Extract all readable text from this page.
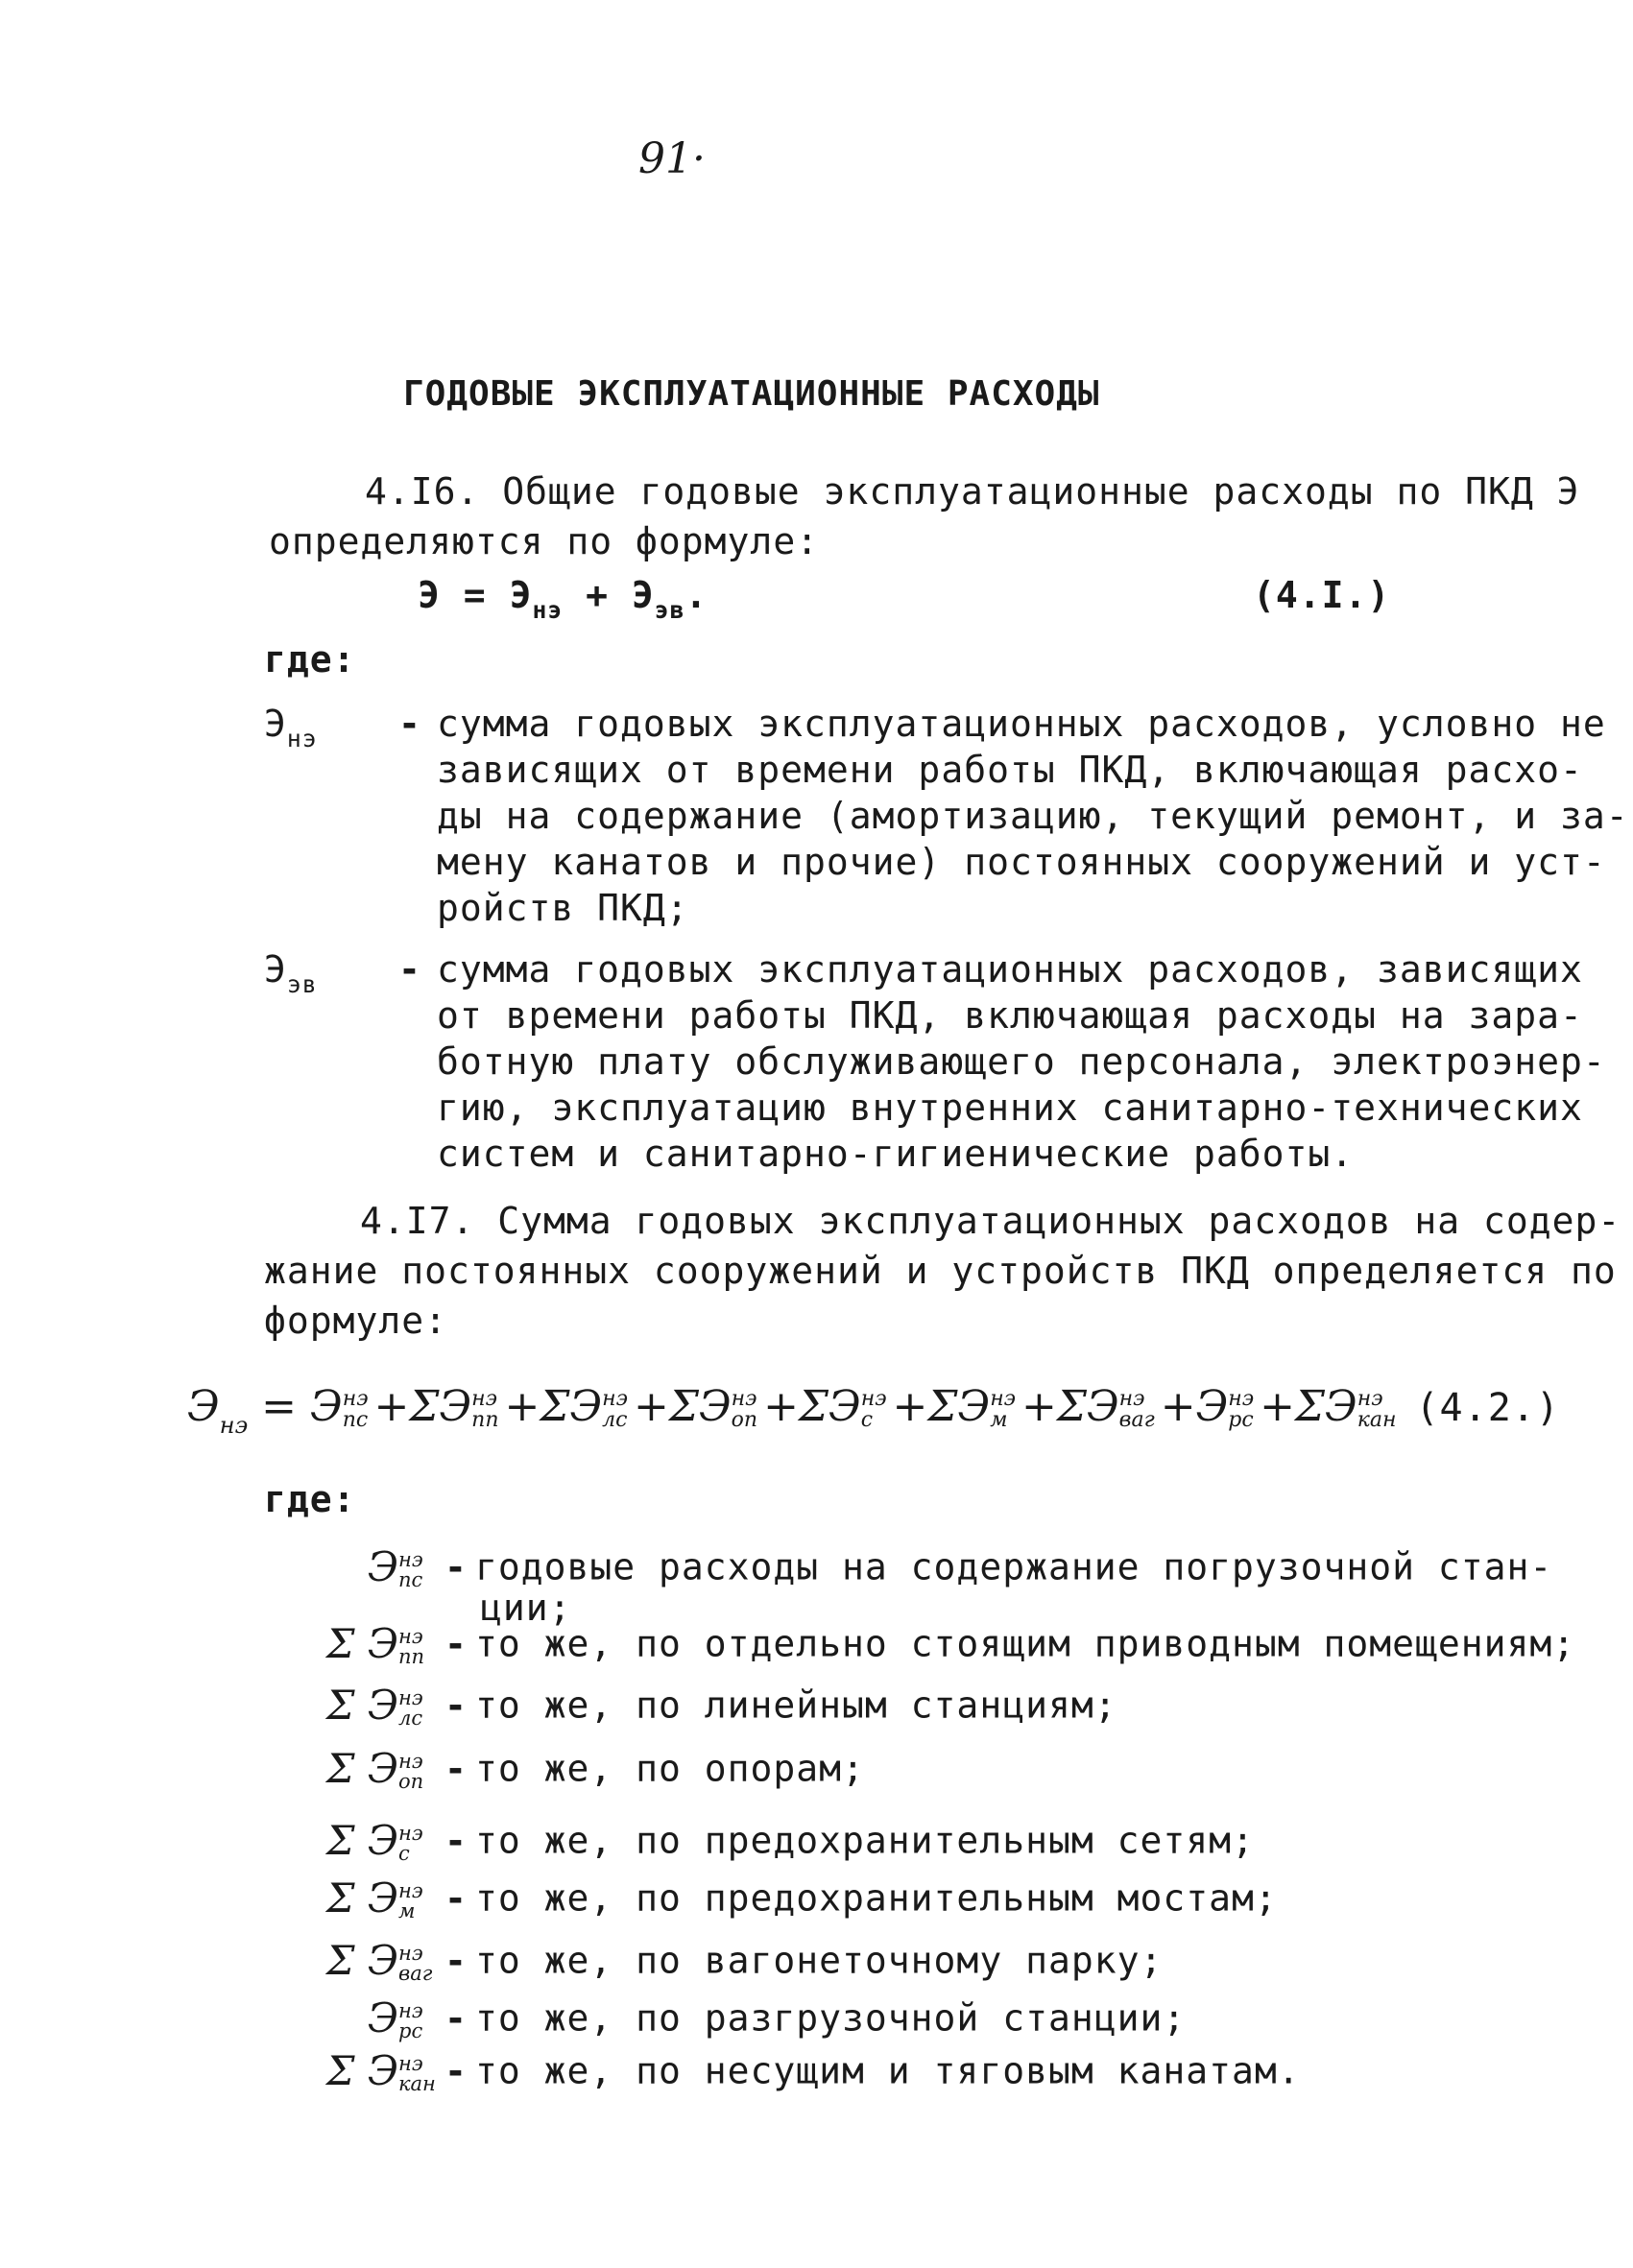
91·
ГОДОВЫЕ ЭКСПЛУАТАЦИОННЫЕ РАСХОДЫ
4.I6. Общие годовые эксплуатационные расходы по ПКД Э
определяются по формуле:
$Э = Э_{нэ} + Э_{эв}$.	(4.I.)
где:
$Э_{нэ}$ - сумма годовых эксплуатационных расходов, условно не
зависящих от времени работы ПКД, включающая расхо-
ды на содержание (амортизацию, текущий ремонт, и за-
мену канатов и прочие) постоянных сооружений и уст-
ройств ПКД;
$Э_{эв}$ - сумма годовых эксплуатационных расходов, зависящих
от времени работы ПКД, включающая расходы на зара-
ботную плату обслуживающего персонала, электроэнер-
гию, эксплуатацию внутренних санитарно-технических
систем и санитарно-гигиенические работы.
4.I7. Сумма годовых эксплуатационных расходов на содер-
жание постоянных сооружений и устройств ПКД определяется по
формуле:
$Э_{нэ} = Э$ нэ
пс +ΣЭ нэ
пп +ΣЭ нэ
лс +ΣЭ нэ
оп +ΣЭ нэ
с +ΣЭ нэ
м +ΣЭ нэ
ваг +Э нэ
рс +ΣЭ нэ
кан (4.2.)
где:
Э нэ
пс - годовые расходы на содержание погрузочной стан-
ции;
Σ Э нэ
пп - то же, по отдельно стоящим приводным помещениям;
Σ Э нэ
лс - то же, по линейным станциям;
Σ Э нэ
оп - то же, по опорам;
Σ Э нэ
с - то же, по предохранительным сетям;
Σ Э нэ
м - то же, по предохранительным мостам;
Σ Э нэ
ваг - то же, по вагонеточному парку;
Э нэ
рс - то же, по разгрузочной станции;
Σ Э нэ
кан - то же, по несущим и тяговым канатам.
